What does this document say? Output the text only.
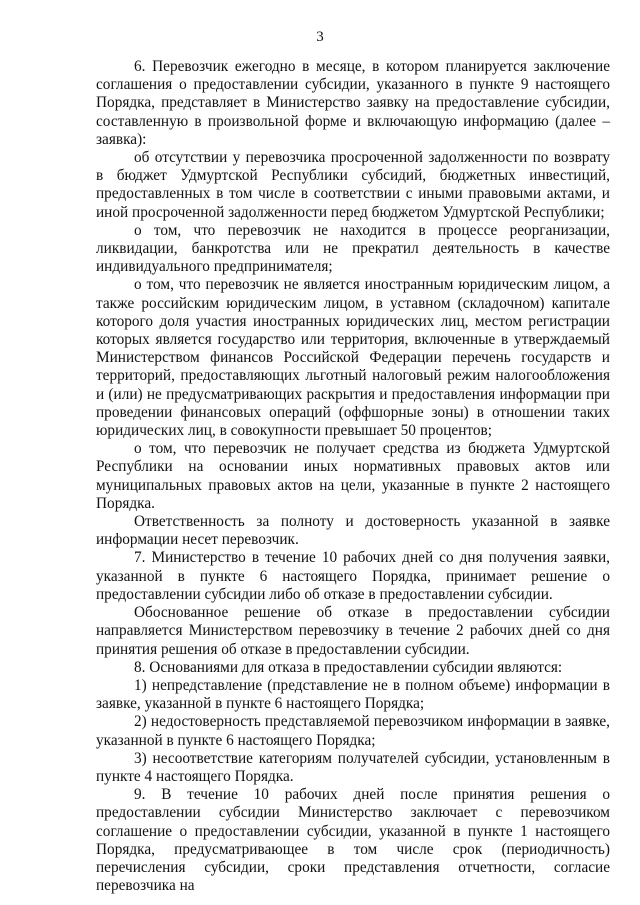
3

6. Перевозчик ежегодно в месяце, в котором планируется заключение соглашения о предоставлении субсидии, указанного в пункте 9 настоящего Порядка, представляет в Министерство заявку на предоставление субсидии, составленную в произвольной форме и включающую информацию (далее – заявка):

об отсутствии у перевозчика просроченной задолженности по возврату в бюджет Удмуртской Республики субсидий, бюджетных инвестиций, предоставленных в том числе в соответствии с иными правовыми актами, и иной просроченной задолженности перед бюджетом Удмуртской Республики;

о том, что перевозчик не находится в процессе реорганизации, ликвидации, банкротства или не прекратил деятельность в качестве индивидуального предпринимателя;

о том, что перевозчик не является иностранным юридическим лицом, а также российским юридическим лицом, в уставном (складочном) капитале которого доля участия иностранных юридических лиц, местом регистрации которых является государство или территория, включенные в утверждаемый Министерством финансов Российской Федерации перечень государств и территорий, предоставляющих льготный налоговый режим налогообложения и (или) не предусматривающих раскрытия и предоставления информации при проведении финансовых операций (оффшорные зоны) в отношении таких юридических лиц, в совокупности превышает 50 процентов;

о том, что перевозчик не получает средства из бюджета Удмуртской Республики на основании иных нормативных правовых актов или муниципальных правовых актов на цели, указанные в пункте 2 настоящего Порядка.

Ответственность за полноту и достоверность указанной в заявке информации несет перевозчик.

7. Министерство в течение 10 рабочих дней со дня получения заявки, указанной в пункте 6 настоящего Порядка, принимает решение о предоставлении субсидии либо об отказе в предоставлении субсидии.

Обоснованное решение об отказе в предоставлении субсидии направляется Министерством перевозчику в течение 2 рабочих дней со дня принятия решения об отказе в предоставлении субсидии.

8. Основаниями для отказа в предоставлении субсидии являются:

1) непредставление (представление не в полном объеме) информации в заявке, указанной в пункте 6 настоящего Порядка;

2) недостоверность представляемой перевозчиком информации в заявке, указанной в пункте 6 настоящего Порядка;

3) несоответствие категориям получателей субсидии, установленным в пункте 4 настоящего Порядка.

9. В течение 10 рабочих дней после принятия решения о предоставлении субсидии Министерство заключает с перевозчиком соглашение о предоставлении субсидии, указанной в пункте 1 настоящего Порядка, предусматривающее в том числе срок (периодичность) перечисления субсидии, сроки представления отчетности, согласие перевозчика на
